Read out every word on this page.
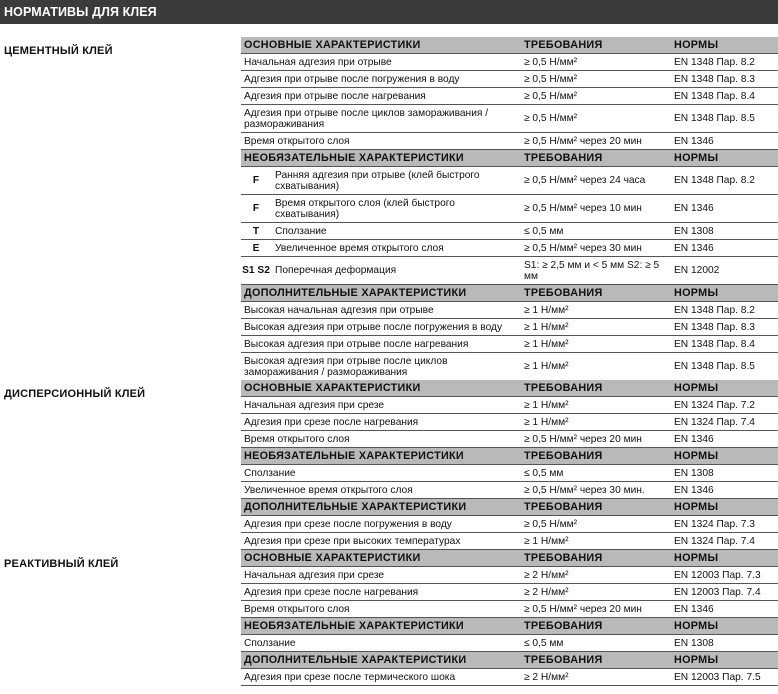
НОРМАТИВЫ ДЛЯ КЛЕЯ
ЦЕМЕНТНЫЙ КЛЕЙ
ОСНОВНЫЕ ХАРАКТЕРИСТИКИ	ТРЕБОВАНИЯ	НОРМЫ
Начальная адгезия при отрыве	≥ 0,5 Н/мм²	EN 1348 Пар. 8.2
Адгезия при отрыве после погружения в воду	≥ 0,5 Н/мм²	EN 1348 Пар. 8.3
Адгезия при отрыве после нагревания	≥ 0,5 Н/мм²	EN 1348 Пар. 8.4
Адгезия при отрыве после циклов замораживания / размораживания	≥ 0,5 Н/мм²	EN 1348 Пар. 8.5
Время открытого слоя	≥ 0,5 Н/мм² через 20 мин	EN 1346
НЕОБЯЗАТЕЛЬНЫЕ ХАРАКТЕРИСТИКИ	ТРЕБОВАНИЯ	НОРМЫ
F	Ранняя адгезия при отрыве (клей быстрого схватывания)	≥ 0,5 Н/мм² через 24 часа	EN 1348 Пар. 8.2
F	Время открытого слоя (клей быстрого схватывания)	≥ 0,5 Н/мм² через 10 мин	EN 1346
T	Сползание	≤ 0,5 мм	EN 1308
E	Увеличенное время открытого слоя	≥ 0,5 Н/мм² через 30 мин	EN 1346
S1 S2 Поперечная деформация	S1: ≥ 2,5 мм и < 5 мм S2: ≥ 5 мм	EN 12002
ДОПОЛНИТЕЛЬНЫЕ ХАРАКТЕРИСТИКИ	ТРЕБОВАНИЯ	НОРМЫ
Высокая начальная адгезия при отрыве	≥ 1 Н/мм²	EN 1348 Пар. 8.2
Высокая адгезия при отрыве после погружения в воду ≥ 1 Н/мм²	EN 1348 Пар. 8.3
Высокая адгезия при отрыве после нагревания	≥ 1 Н/мм²	EN 1348 Пар. 8.4
Высокая адгезия при отрыве после циклов замораживания / размораживания	≥ 1 Н/мм²	EN 1348 Пар. 8.5
ДИСПЕРСИОННЫЙ КЛЕЙ
ОСНОВНЫЕ ХАРАКТЕРИСТИКИ	ТРЕБОВАНИЯ	НОРМЫ
Начальная адгезия при срезе	≥ 1 Н/мм²	EN 1324 Пар. 7.2
Адгезия при срезе после нагревания	≥ 1 Н/мм²	EN 1324 Пар. 7.4
Время открытого слоя	≥ 0,5 Н/мм² через 20 мин	EN 1346
НЕОБЯЗАТЕЛЬНЫЕ ХАРАКТЕРИСТИКИ	ТРЕБОВАНИЯ	НОРМЫ
Сползание	≤ 0,5 мм	EN 1308
Увеличенное время открытого слоя	≥ 0,5 Н/мм² через 30 мин.	EN 1346
ДОПОЛНИТЕЛЬНЫЕ ХАРАКТЕРИСТИКИ	ТРЕБОВАНИЯ	НОРМЫ
Адгезия при срезе после погружения в воду	≥ 0,5 Н/мм²	EN 1324 Пар. 7.3
Адгезия при срезе при высоких температурах	≥ 1 Н/мм²	EN 1324 Пар. 7.4
РЕАКТИВНЫЙ КЛЕЙ
ОСНОВНЫЕ ХАРАКТЕРИСТИКИ	ТРЕБОВАНИЯ	НОРМЫ
Начальная адгезия при срезе	≥ 2 Н/мм²	EN 12003 Пар. 7.3
Адгезия при срезе после нагревания	≥ 2 Н/мм²	EN 12003 Пар. 7.4
Время открытого слоя	≥ 0,5 Н/мм² через 20 мин	EN 1346
НЕОБЯЗАТЕЛЬНЫЕ ХАРАКТЕРИСТИКИ	ТРЕБОВАНИЯ	НОРМЫ
Сползание	≤ 0,5 мм	EN 1308
ДОПОЛНИТЕЛЬНЫЕ ХАРАКТЕРИСТИКИ	ТРЕБОВАНИЯ	НОРМЫ
Адгезия при срезе после термического шока	≥ 2 Н/мм²	EN 12003 Пар. 7.5
